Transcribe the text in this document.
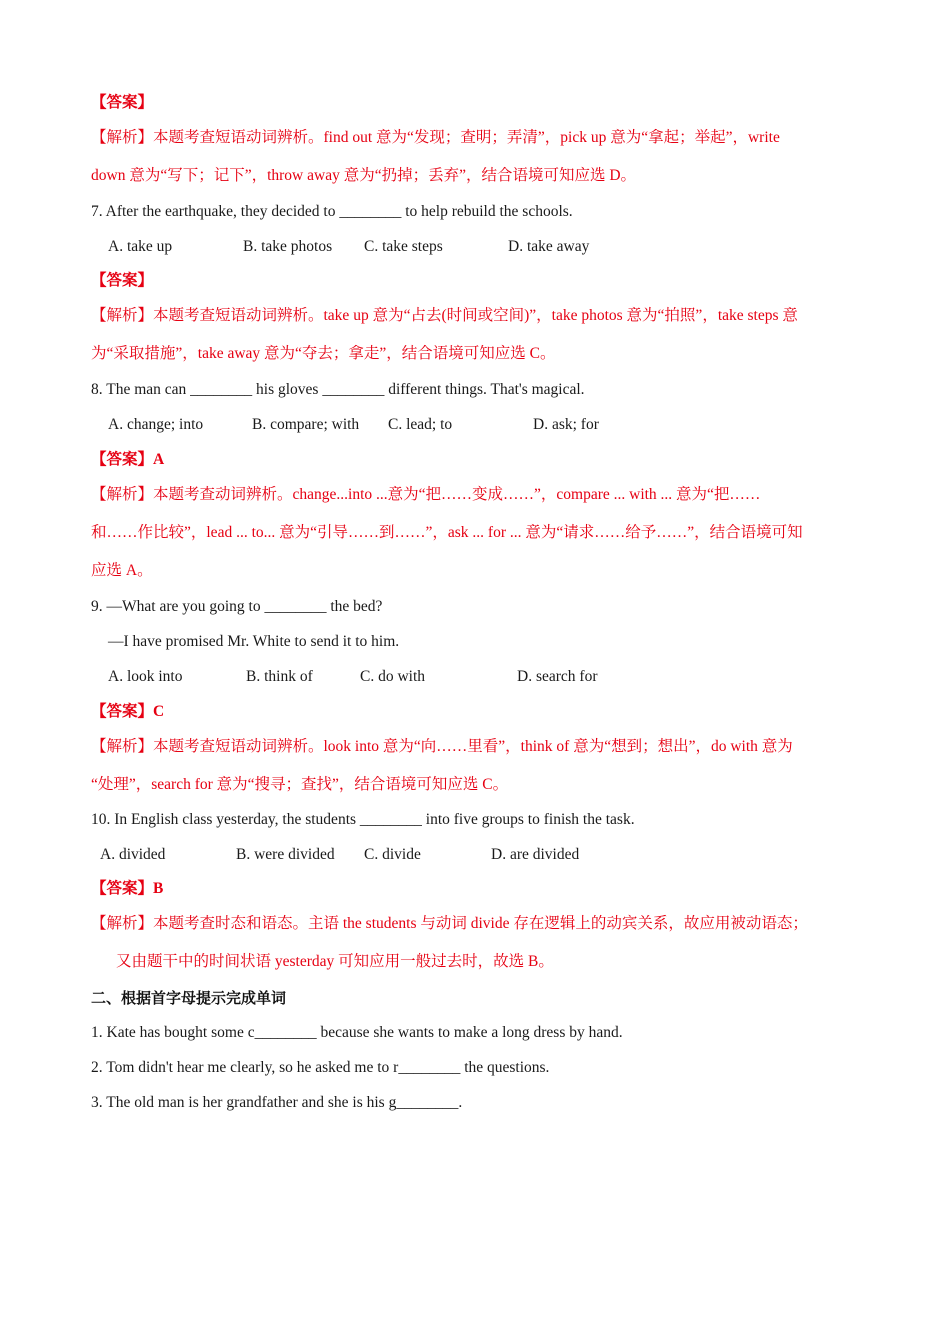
【答案】
【解析】本题考查短语动词辨析。find out 意为“发现；查明；弄清”，pick up 意为“拿起；举起”，write
down 意为“写下；记下”，throw away 意为“扔掉；丢弃”，结合语境可知应选 D。
7. After the earthquake, they decided to ________ to help rebuild the schools.
A. take up	B. take photos C. take steps	D. take away
【答案】
【解析】本题考查短语动词辨析。take up 意为“占去(时间或空间)”，take photos 意为“拍照”，take steps 意
为“采取措施”，take away 意为“夺去；拿走”，结合语境可知应选 C。
8. The man can ________ his gloves ________ different things. That's magical.
A. change; into	B. compare; with C. lead; to	D. ask; for
【答案】A
【解析】本题考查动词辨析。change...into ...意为“把……变成……”，compare ... with ... 意为“把……
和……作比较”，lead ... to... 意为“引导……到……”，ask ... for ... 意为“请求……给予……”，结合语境可知
应选 A。
9. —What are you going to ________ the bed?
—I have promised Mr. White to send it to him.
A. look into	B. think of	C. do with	D. search for
【答案】C
【解析】本题考查短语动词辨析。look into 意为“向……里看”，think of 意为“想到；想出”，do with 意为
“处理”，search for 意为“搜寻；查找”，结合语境可知应选 C。
10. In English class yesterday, the students ________ into five groups to finish the task.
A. divided	B. were divided C. divide	D. are divided
【答案】B
【解析】本题考查时态和语态。主语 the students 与动词 divide 存在逻辑上的动宾关系，故应用被动语态；
又由题干中的时间状语 yesterday 可知应用一般过去时，故选 B。
二、根据首字母提示完成单词
1. Kate has bought some c________ because she wants to make a long dress by hand.
2. Tom didn't hear me clearly, so he asked me to r________ the questions.
3. The old man is her grandfather and she is his g________.
